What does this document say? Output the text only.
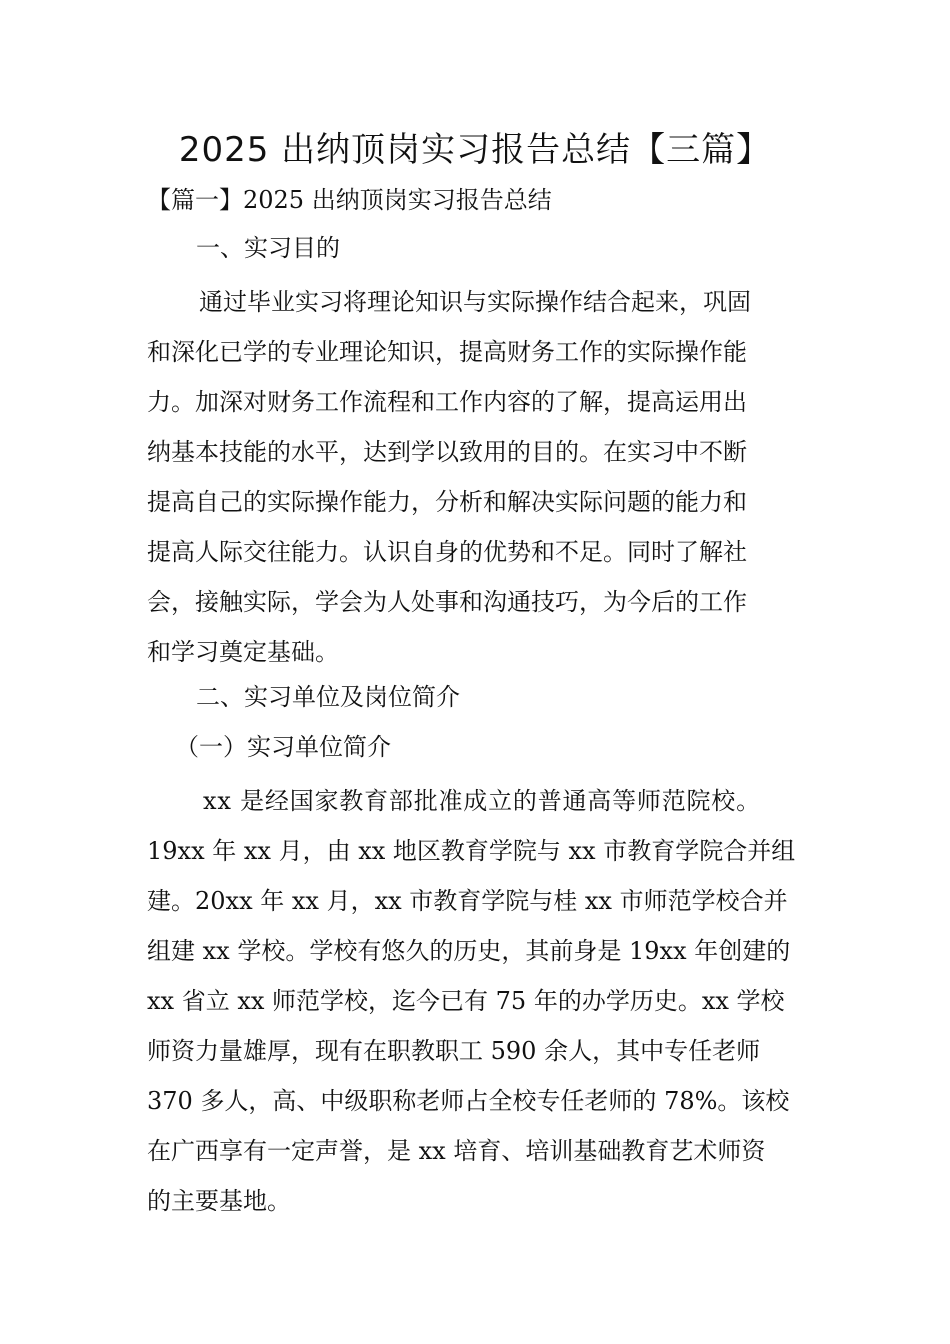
2025 出纳顶岗实习报告总结【三篇】
【篇一】2025 出纳顶岗实习报告总结
一、实习目的
通过毕业实习将理论知识与实际操作结合起来，巩固
和深化已学的专业理论知识，提高财务工作的实际操作能
力。加深对财务工作流程和工作内容的了解，提高运用出
纳基本技能的水平，达到学以致用的目的。在实习中不断
提高自己的实际操作能力，分析和解决实际问题的能力和
提高人际交往能力。认识自身的优势和不足。同时了解社
会，接触实际，学会为人处事和沟通技巧，为今后的工作
和学习奠定基础。
二、实习单位及岗位简介
（一）实习单位简介
xx 是经国家教育部批准成立的普通高等师范院校。
19xx 年 xx 月，由 xx 地区教育学院与 xx 市教育学院合并组
建。20xx 年 xx 月，xx 市教育学院与桂 xx 市师范学校合并
组建 xx 学校。学校有悠久的历史，其前身是 19xx 年创建的
xx 省立 xx 师范学校，迄今已有 75 年的办学历史。xx 学校
师资力量雄厚，现有在职教职工 590 余人，其中专任老师
370 多人，高、中级职称老师占全校专任老师的 78%。该校
在广西享有一定声誉，是 xx 培育、培训基础教育艺术师资
的主要基地。
